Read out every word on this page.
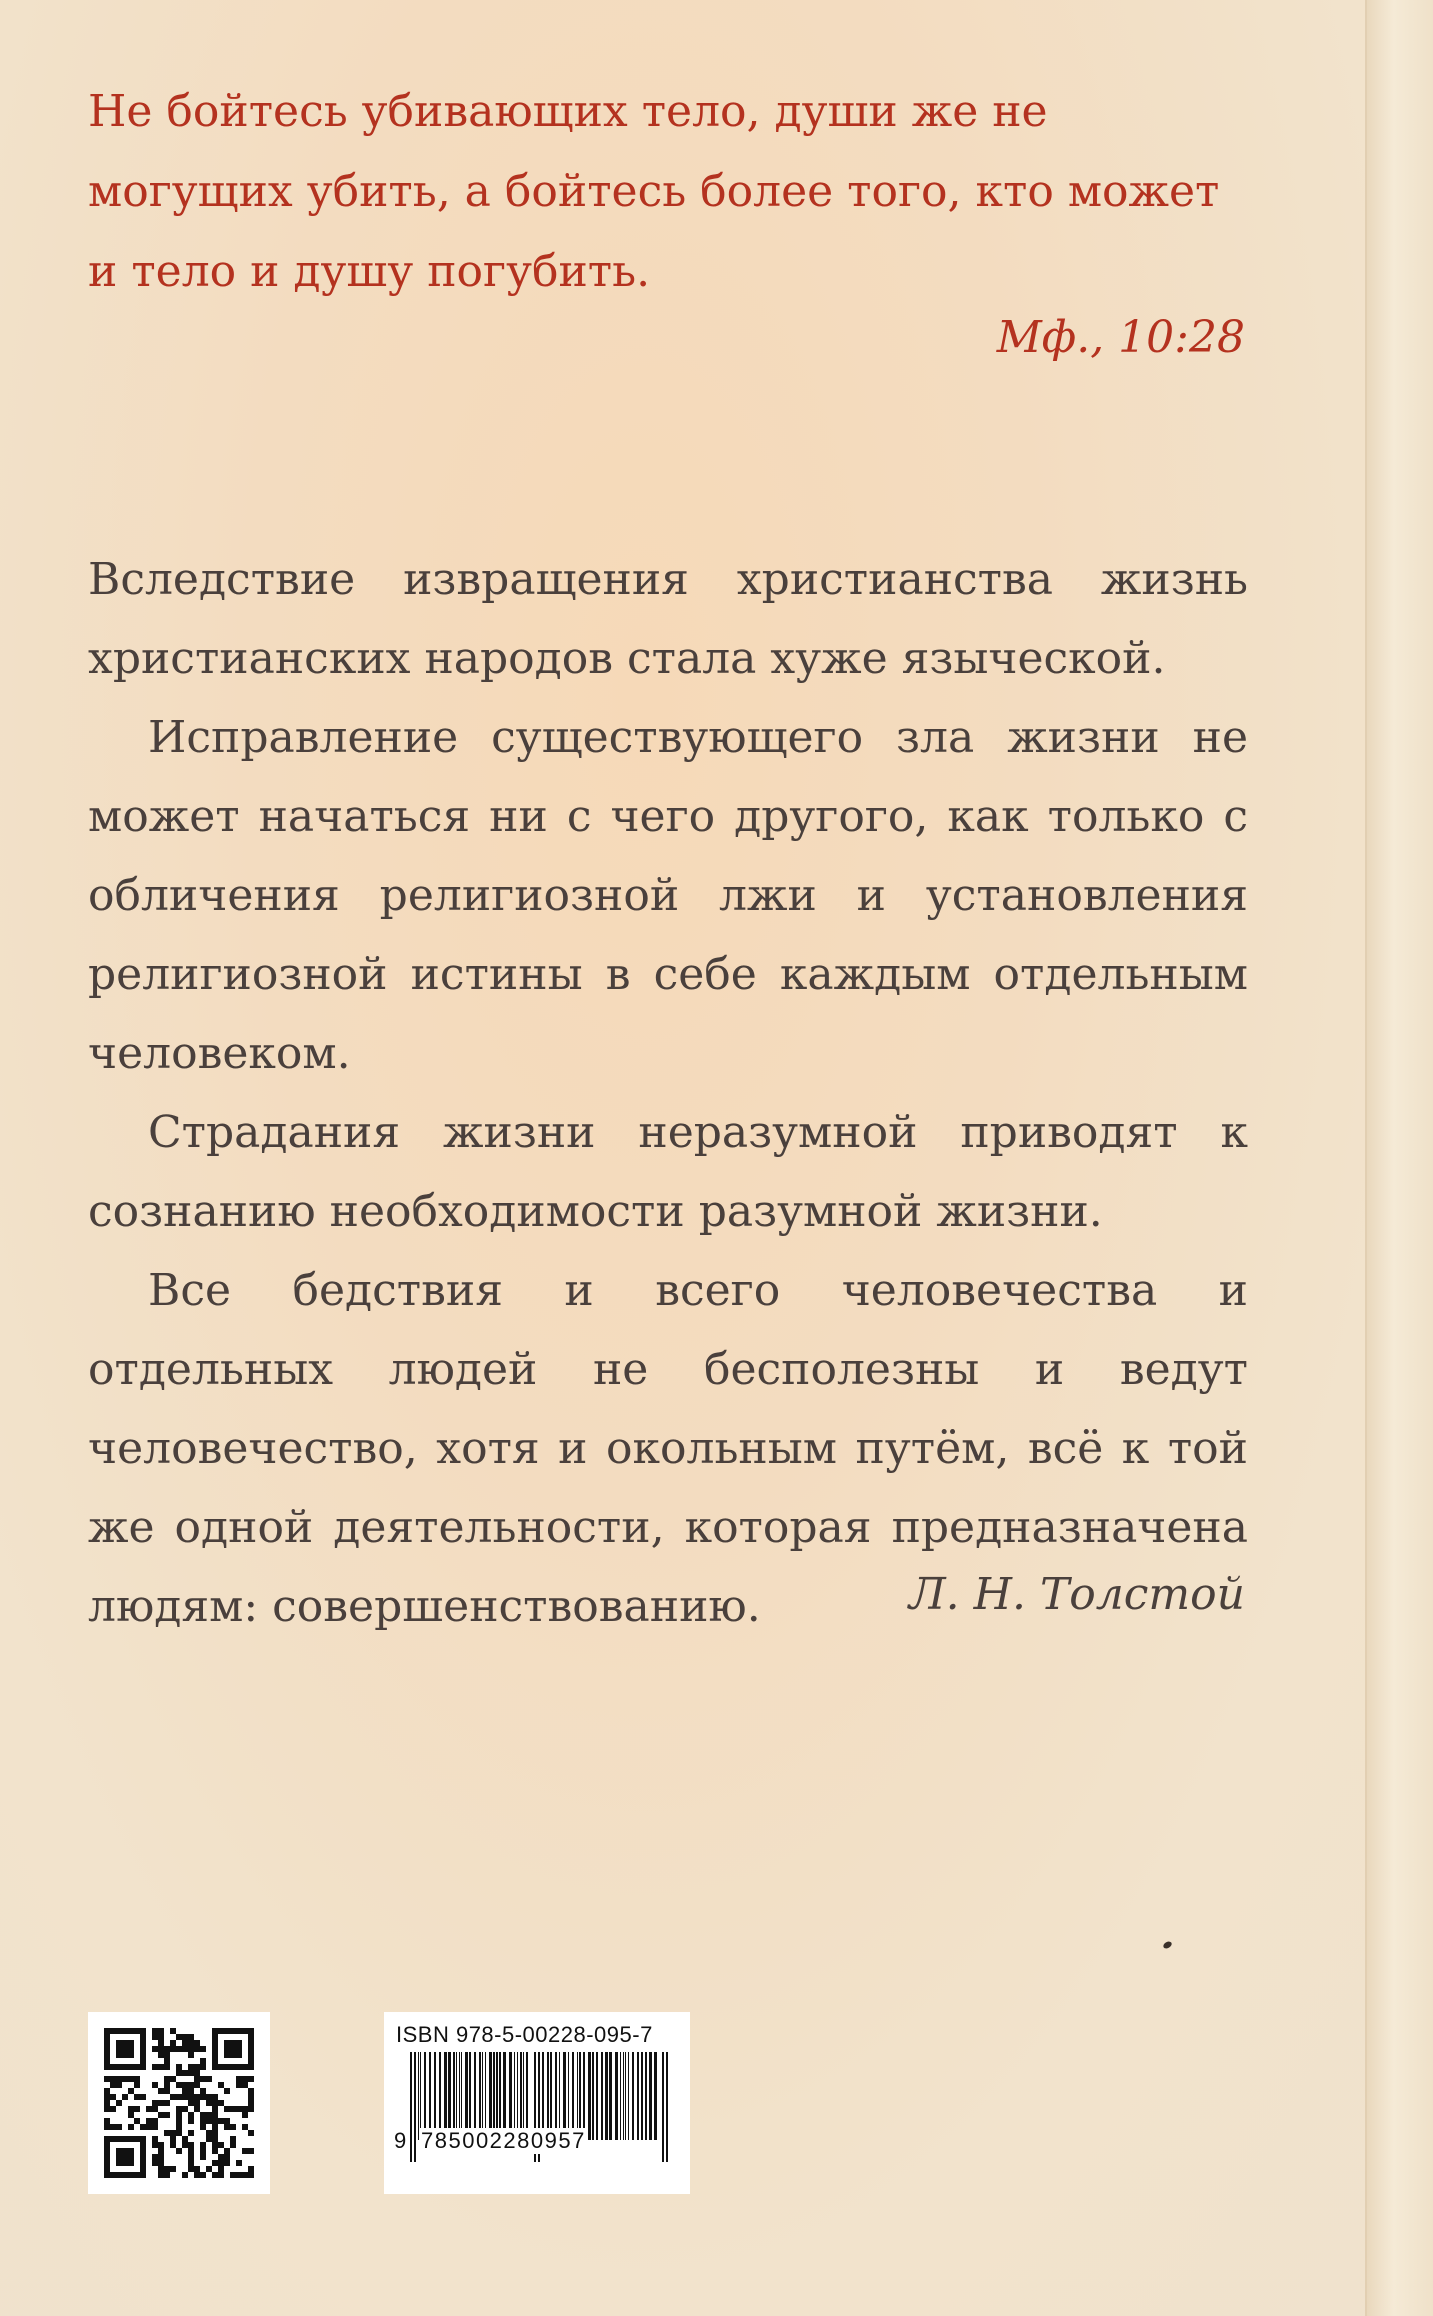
Не бойтесь убивающих тело, души же не могущих убить, а бойтесь более того, кто может и тело и душу погубить.

Мф., 10:28

Вследствие извращения христианства жизнь христианских народов стала хуже языческой.

Исправление существующего зла жизни не может начаться ни с чего другого, как только с обличения религиозной лжи и установления религиозной истины в себе каждым отдельным человеком.

Страдания жизни неразумной приводят к сознанию необходимости разумной жизни.

Все бедствия и всего человечества и отдельных людей не бесполезны и ведут человечество, хотя и окольным путём, всё к той же одной деятельности, которая предназначена людям: совершенствованию.	Л. Н. Толстой
ISBN 978-5-00228-095-7
9 785002280957
